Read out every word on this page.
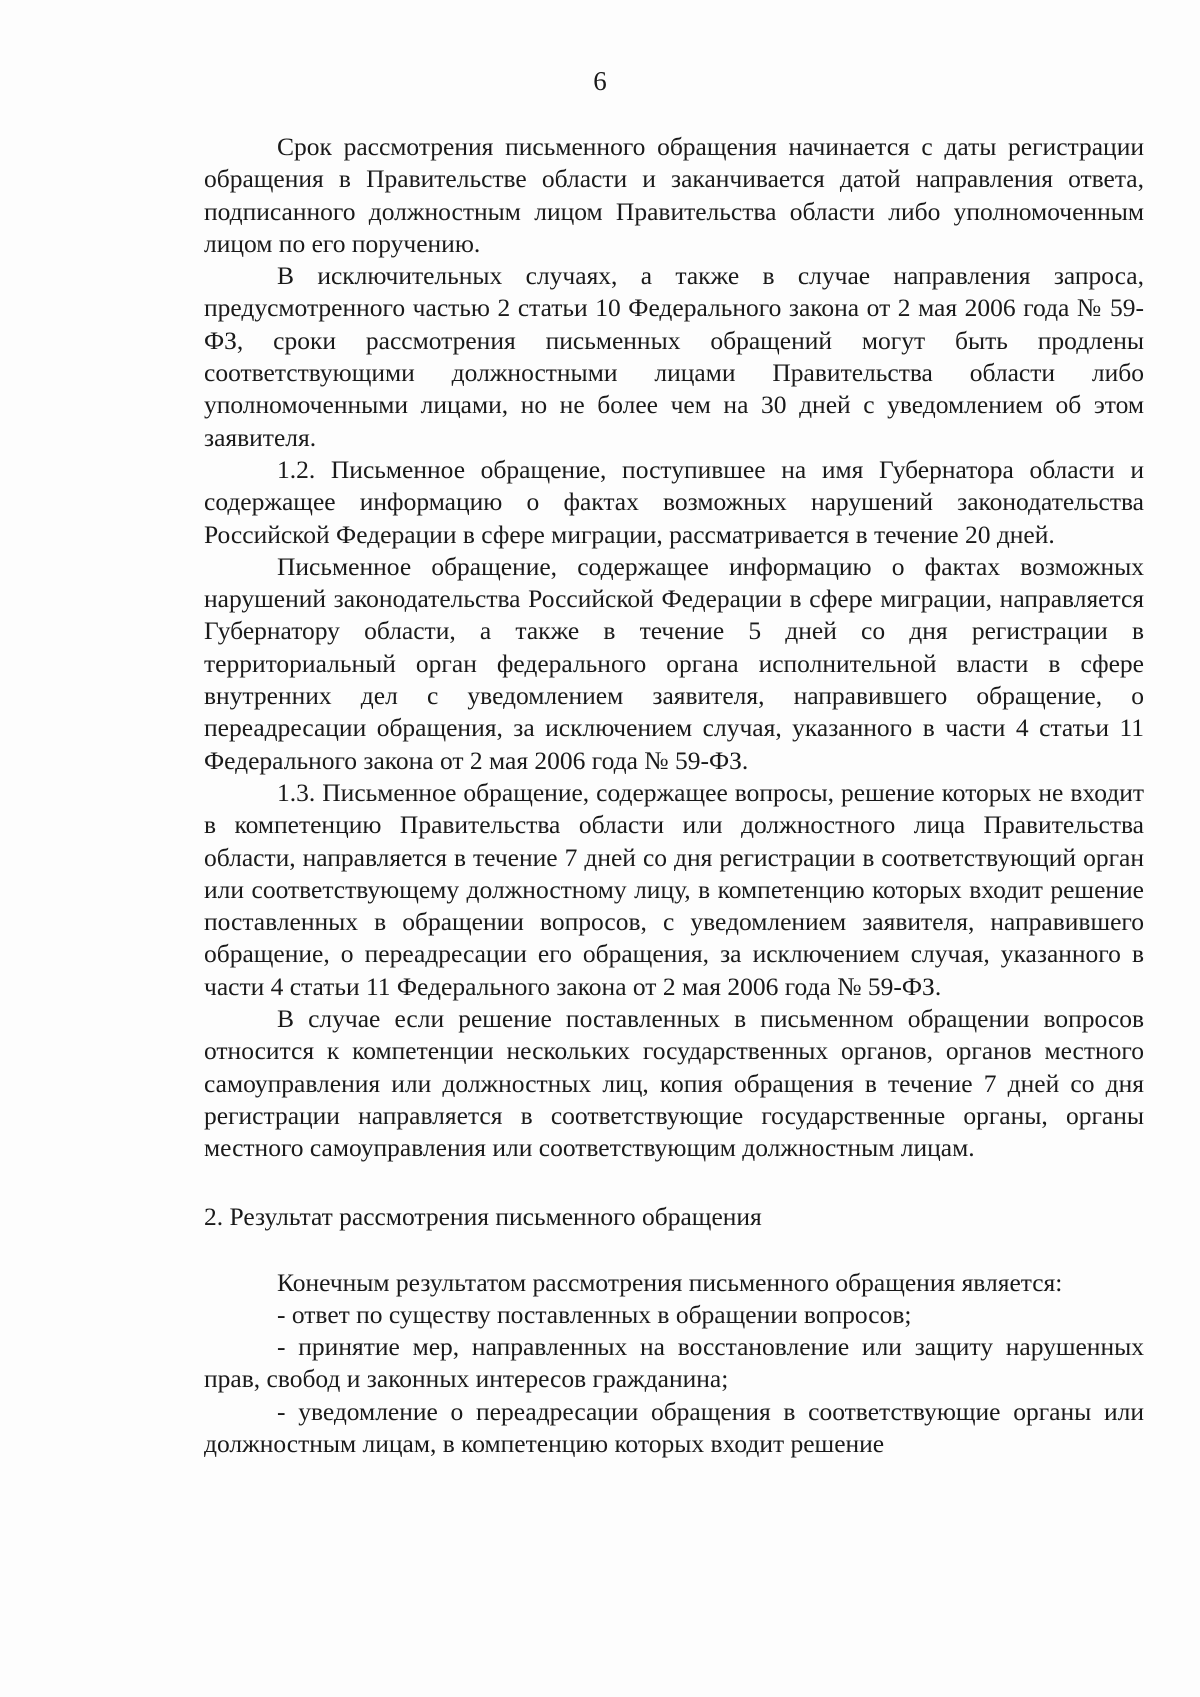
6

Срок рассмотрения письменного обращения начинается с даты регистрации обращения в Правительстве области и заканчивается датой направления ответа, подписанного должностным лицом Правительства области либо уполномоченным лицом по его поручению.

В исключительных случаях, а также в случае направления запроса, предусмотренного частью 2 статьи 10 Федерального закона от 2 мая 2006 года № 59-ФЗ, сроки рассмотрения письменных обращений могут быть продлены соответствующими должностными лицами Правительства области либо уполномоченными лицами, но не более чем на 30 дней с уведомлением об этом заявителя.

1.2. Письменное обращение, поступившее на имя Губернатора области и содержащее информацию о фактах возможных нарушений законодательства Российской Федерации в сфере миграции, рассматривается в течение 20 дней.

Письменное обращение, содержащее информацию о фактах возможных нарушений законодательства Российской Федерации в сфере миграции, направляется Губернатору области, а также в течение 5 дней со дня регистрации в территориальный орган федерального органа исполнительной власти в сфере внутренних дел с уведомлением заявителя, направившего обращение, о переадресации обращения, за исключением случая, указанного в части 4 статьи 11 Федерального закона от 2 мая 2006 года № 59-ФЗ.

1.3. Письменное обращение, содержащее вопросы, решение которых не входит в компетенцию Правительства области или должностного лица Правительства области, направляется в течение 7 дней со дня регистрации в соответствующий орган или соответствующему должностному лицу, в компетенцию которых входит решение поставленных в обращении вопросов, с уведомлением заявителя, направившего обращение, о переадресации его обращения, за исключением случая, указанного в части 4 статьи 11 Федерального закона от 2 мая 2006 года № 59-ФЗ.

В случае если решение поставленных в письменном обращении вопросов относится к компетенции нескольких государственных органов, органов местного самоуправления или должностных лиц, копия обращения в течение 7 дней со дня регистрации направляется в соответствующие государственные органы, органы местного самоуправления или соответствующим должностным лицам.

2. Результат рассмотрения письменного обращения

Конечным результатом рассмотрения письменного обращения является:

- ответ по существу поставленных в обращении вопросов;

- принятие мер, направленных на восстановление или защиту нарушенных прав, свобод и законных интересов гражданина;

- уведомление о переадресации обращения в соответствующие органы или должностным лицам, в компетенцию которых входит решение
